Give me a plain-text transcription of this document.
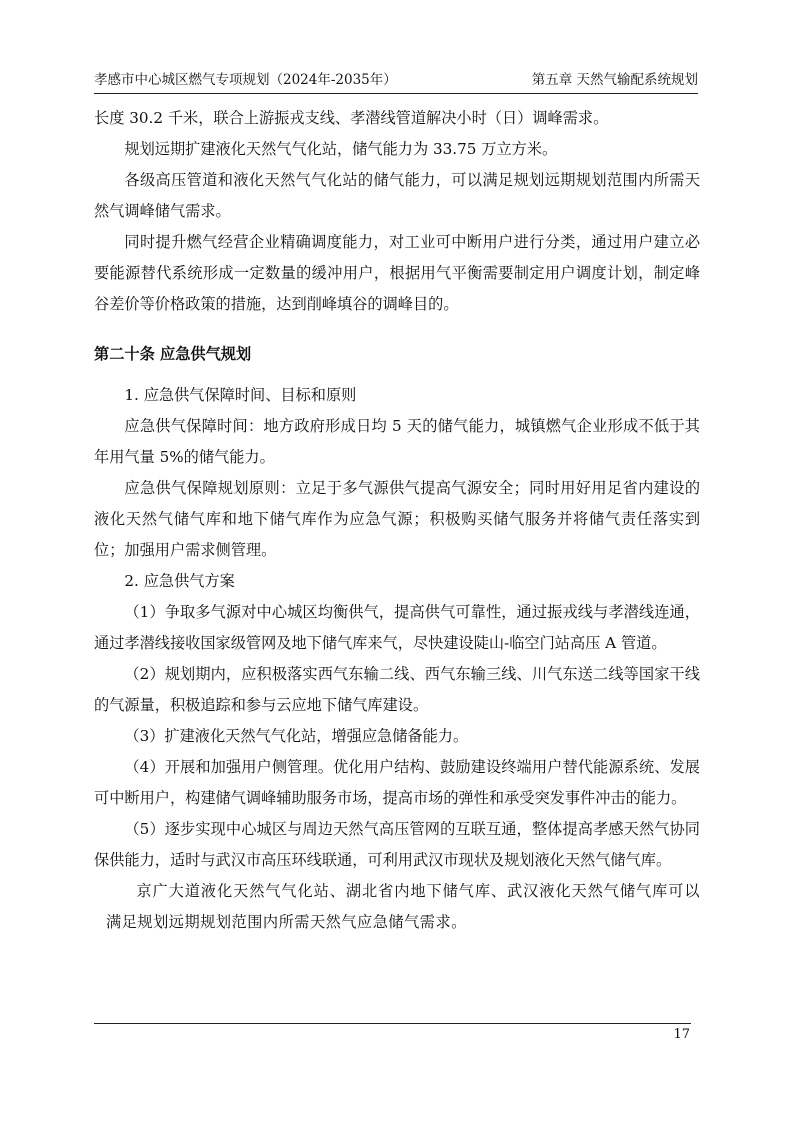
孝感市中心城区燃气专项规划（2024年-2035年）	第五章 天然气输配系统规划

长度 30.2 千米，联合上游振戎支线、孝潜线管道解决小时（日）调峰需求。

规划远期扩建液化天然气气化站，储气能力为 33.75 万立方米。

各级高压管道和液化天然气气化站的储气能力，可以满足规划远期规划范围内所需天然气调峰储气需求。

同时提升燃气经营企业精确调度能力，对工业可中断用户进行分类，通过用户建立必要能源替代系统形成一定数量的缓冲用户，根据用气平衡需要制定用户调度计划，制定峰谷差价等价格政策的措施，达到削峰填谷的调峰目的。

第二十条 应急供气规划

1. 应急供气保障时间、目标和原则

应急供气保障时间：地方政府形成日均 5 天的储气能力，城镇燃气企业形成不低于其年用气量 5%的储气能力。

应急供气保障规划原则：立足于多气源供气提高气源安全；同时用好用足省内建设的液化天然气储气库和地下储气库作为应急气源；积极购买储气服务并将储气责任落实到位；加强用户需求侧管理。

2. 应急供气方案

（1）争取多气源对中心城区均衡供气，提高供气可靠性，通过振戎线与孝潜线连通，通过孝潜线接收国家级管网及地下储气库来气，尽快建设陡山-临空门站高压 A 管道。

（2）规划期内，应积极落实西气东输二线、西气东输三线、川气东送二线等国家干线的气源量，积极追踪和参与云应地下储气库建设。

（3）扩建液化天然气气化站，增强应急储备能力。

（4）开展和加强用户侧管理。优化用户结构、鼓励建设终端用户替代能源系统、发展可中断用户，构建储气调峰辅助服务市场，提高市场的弹性和承受突发事件冲击的能力。

（5）逐步实现中心城区与周边天然气高压管网的互联互通，整体提高孝感天然气协同保供能力，适时与武汉市高压环线联通，可利用武汉市现状及规划液化天然气储气库。

京广大道液化天然气气化站、湖北省内地下储气库、武汉液化天然气储气库可以满足规划远期规划范围内所需天然气应急储气需求。

17
